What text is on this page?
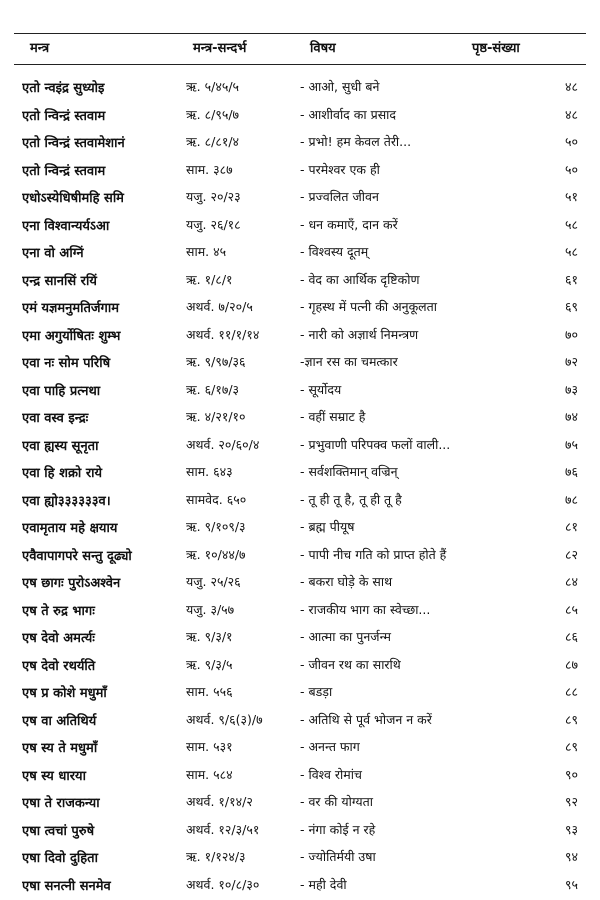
मन्त्र	मन्त्र-सन्दर्भ	विषय	पृष्ठ-संख्या
एतो न्वइंद्र सुध्योइ	ऋ. ५/४५/५	- आओ, सुधी बने	४८
एतो न्विन्द्रं स्तवाम	ऋ. ८/९५/७	- आशीर्वाद का प्रसाद	४८
एतो न्विन्द्रं स्तवामेशानं	ऋ. ८/८१/४	- प्रभो! हम केवल तेरी...	५०
एतो न्विन्द्रं स्तवाम	साम. ३८७	- परमेश्वर एक ही	५०
एधोऽस्येधिषीमहि समि	यजु. २०/२३	- प्रज्वलित जीवन	५१
एना विश्वान्यर्यऽआ	यजु. २६/१८	- धन कमाएँ, दान करें	५८
एना वो अग्निं	साम. ४५	- विश्वस्य दूतम्	५८
एन्द्र सानसिं रयिं	ऋ. १/८/१	- वेद का आर्थिक दृष्टिकोण	६१
एमं यज्ञमनुमतिर्जगाम	अथर्व. ७/२०/५	- गृहस्थ में पत्नी की अनुकूलता	६९
एमा अगुर्योषितः शुम्भ	अथर्व. ११/१/१४	- नारी को अज्ञार्थ निमन्त्रण	७०
एवा नः सोम परिषि	ऋ. ९/९७/३६	-ज्ञान रस का चमत्कार	७२
एवा पाहि प्रत्नथा	ऋ. ६/१७/३	- सूर्योदय	७३
एवा वस्व इन्द्रः	ऋ. ४/२१/१०	- वहीं सम्राट है	७४
एवा ह्यस्य सूनृता	अथर्व. २०/६०/४	- प्रभुवाणी परिपक्व फलों वाली...	७५
एवा हि शक्रो राये	साम. ६४३	- सर्वशक्तिमान् वज्रिन्	७६
एवा ह्यो३३३३३३व।	सामवेद. ६५०	- तू ही तू है, तू ही तू है	७८
एवामृताय महे क्षयाय	ऋ. ९/१०९/३	- ब्रह्म पीयूष	८१
एवैवापागपरे सन्तु दूढ्यो	ऋ. १०/४४/७	- पापी नीच गति को प्राप्त होते हैं	८२
एष छागः पुरोऽअश्वेन	यजु. २५/२६	- बकरा घोड़े के साथ	८४
एष ते रुद्र भागः	यजु. ३/५७	- राजकीय भाग का स्वेच्छा...	८५
एष देवो अमर्त्यः	ऋ. ९/३/१	- आत्मा का पुनर्जन्म	८६
एष देवो रथर्यति	ऋ. ९/३/५	- जीवन रथ का सारथि	८७
एष प्र कोशे मधुमाँ	साम. ५५६	- बडड़ा	८८
एष वा अतिथिर्य	अथर्व. ९/६(३)/७	- अतिथि से पूर्व भोजन न करें	८९
एष स्य ते मधुमाँ	साम. ५३१	- अनन्त फाग	८९
एष स्य धारया	साम. ५८४	- विश्व रोमांच	९०
एषा ते राजकन्या	अथर्व. १/१४/२	- वर की योग्यता	९२
एषा त्वचां पुरुषे	अथर्व. १२/३/५१	- नंगा कोई न रहे	९३
एषा दिवो दुहिता	ऋ. १/१२४/३	- ज्योतिर्मयी उषा	९४
एषा सनत्नी सनमेव	अथर्व. १०/८/३०	- मही देवी	९५
